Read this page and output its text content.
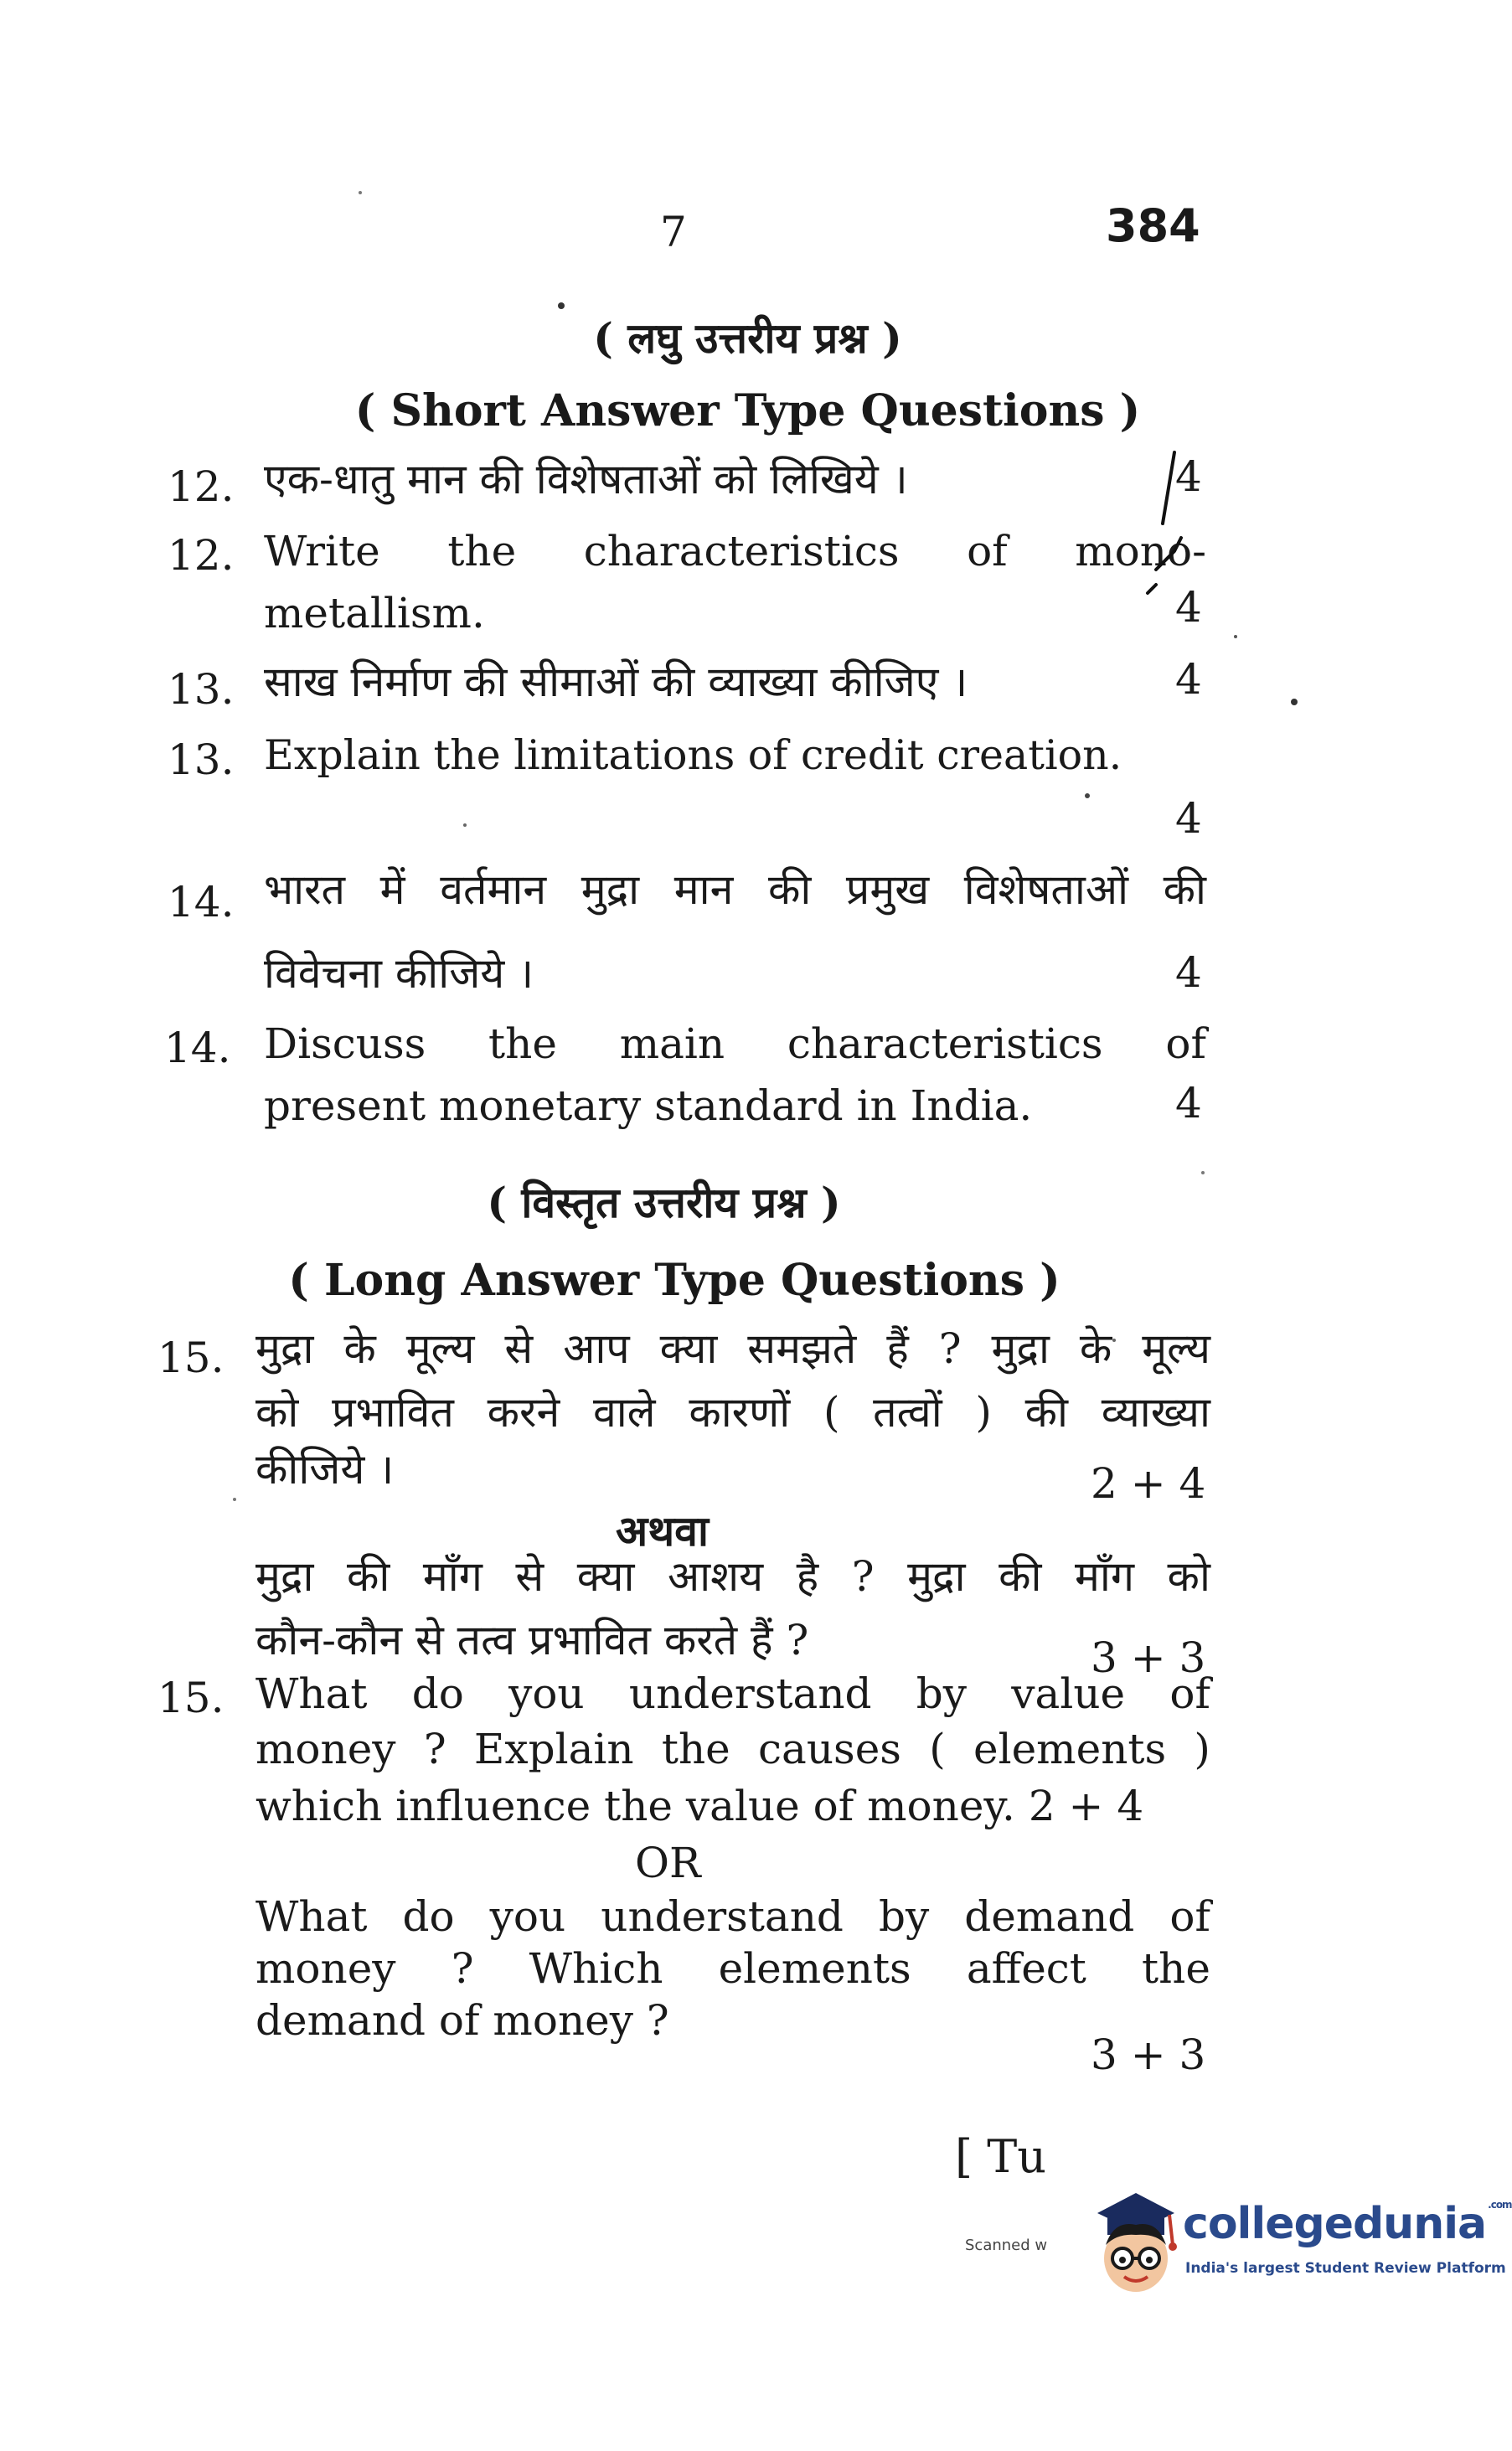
7	384
( लघु उत्तरीय प्रश्न )
( Short Answer Type Questions )
12. एक-धातु मान की विशेषताओं को लिखिये ।	4
12. Write the characteristics of mono-
metallism.	4
13. साख निर्माण की सीमाओं की व्याख्या कीजिए ।	4
13. Explain the limitations of credit creation.
4
14. भारत में वर्तमान मुद्रा मान की प्रमुख विशेषताओं की
विवेचना कीजिये ।	4
14. Discuss the main characteristics of
present monetary standard in India.	4
( विस्तृत उत्तरीय प्रश्न )
( Long Answer Type Questions )
15. मुद्रा के मूल्य से आप क्या समझते हैं ? मुद्रा के मूल्य
को प्रभावित करने वाले कारणों ( तत्वों ) की व्याख्या
कीजिये ।	2 + 4
अथवा
मुद्रा की माँग से क्या आशय है ? मुद्रा की माँग को
कौन-कौन से तत्व प्रभावित करते हैं ?	3 + 3
15. What do you understand by value of
money ? Explain the causes ( elements )
which influence the value of money. 2 + 4
OR
What do you understand by demand of
money ? Which elements affect the
demand of money ?
3 + 3
[ Tu
Scanned w	collegedunia $^{.com}$
India's largest Student Review Platform
